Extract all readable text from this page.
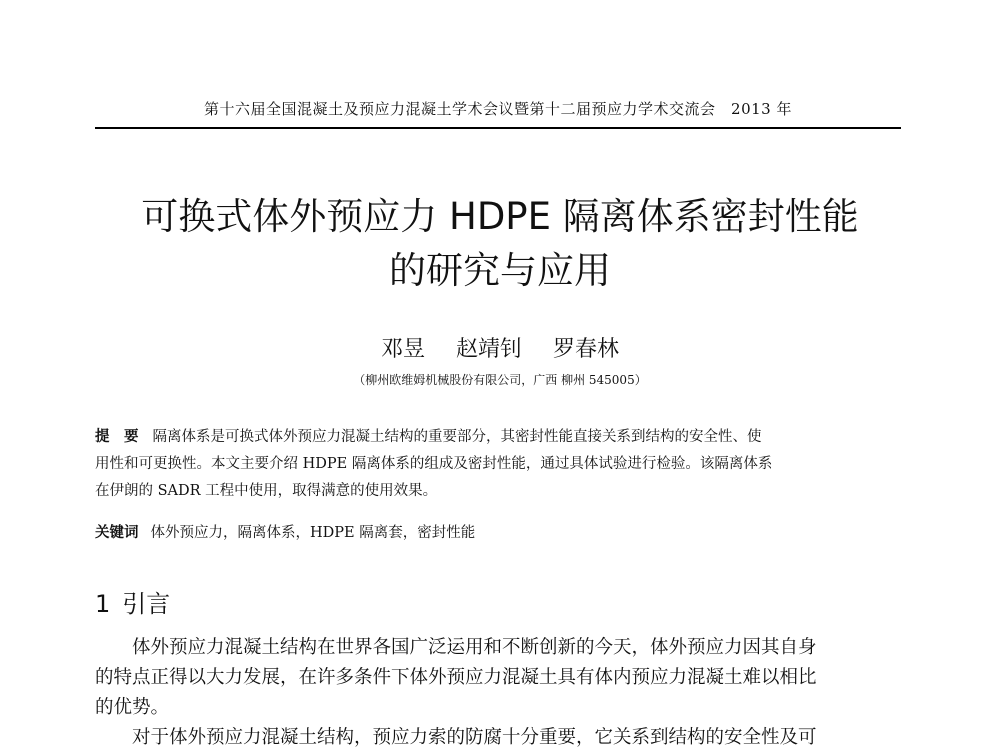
第十六届全国混凝土及预应力混凝土学术会议暨第十二届预应力学术交流会　2013 年
可换式体外预应力 HDPE 隔离体系密封性能
的研究与应用
邓昱 赵靖钊 罗春林
（柳州欧维姆机械股份有限公司，广西 柳州 545005）
提　要 隔离体系是可换式体外预应力混凝土结构的重要部分，其密封性能直接关系到结构的安全性、使
用性和可更换性。本文主要介绍 HDPE 隔离体系的组成及密封性能，通过具体试验进行检验。该隔离体系
在伊朗的 SADR 工程中使用，取得满意的使用效果。
关键词 体外预应力，隔离体系，HDPE 隔离套，密封性能
1 引言
体外预应力混凝土结构在世界各国广泛运用和不断创新的今天，体外预应力因其自身
的特点正得以大力发展，在许多条件下体外预应力混凝土具有体内预应力混凝土难以相比
的优势。
对于体外预应力混凝土结构，预应力索的防腐十分重要，它关系到结构的安全性及可
